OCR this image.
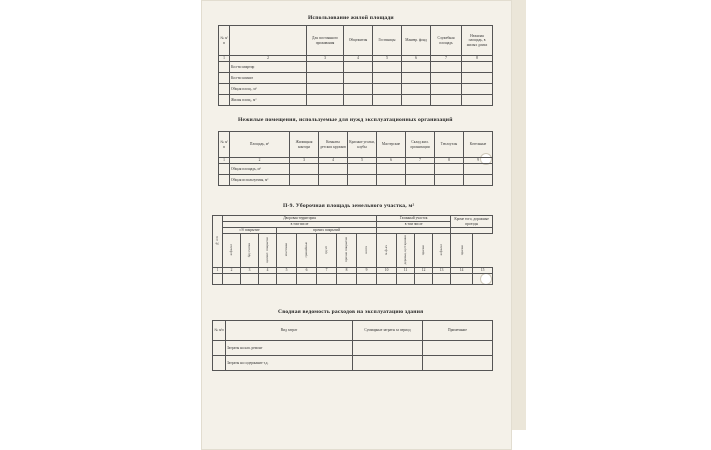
Использование жилой площади
№ п/п		Для постоянного проживания	Общежития	Гостиницы	Маневр. фонд	Служебная площадь	Нежилая площадь, в жилых домах
1	2	3	4	5	6	7	8
	Кол-во квартир						
	Кол-во комнат						
	Общая площ., м²						
	Жилая площ., м²						
Нежилые помещения, используемые для нужд эксплуатационных организаций
№ п/п	Площадь, м²	Жилищная контора	Комнаты детских кружков	Красные уголки, клубы	Мастерские	Склад жил. организации	Теплоузлы	Котельные
1	2	3	4	5	6	7	8	9
	Общая площадь, м²							
	Общая используемая, м²							
П-9. Уборочная площадь земельного участка, м²
№ п/п	Дворовая территория								Газонный участок				Кроме того, дорожные проезды	
	в том числе								в том числе					
	с/б покрытие			прочих покрытий										
	асфальт	брусчатка	цемент. покрытие	мостовая	гравийные	грунт	прочие покрытия	всего	м-ф-ах	деревья, кустарники	прочие	асфальт	прочие	
1	2	3	4	5	6	7	8	9	10	11	12	13	14	15

Сводная ведомость расходов на эксплуатацию здания
№ п/п	Вид затрат	Суммарные затраты за период	Примечание
	Затраты на кап. ремонт		
	Затраты на содержание т.д.		
